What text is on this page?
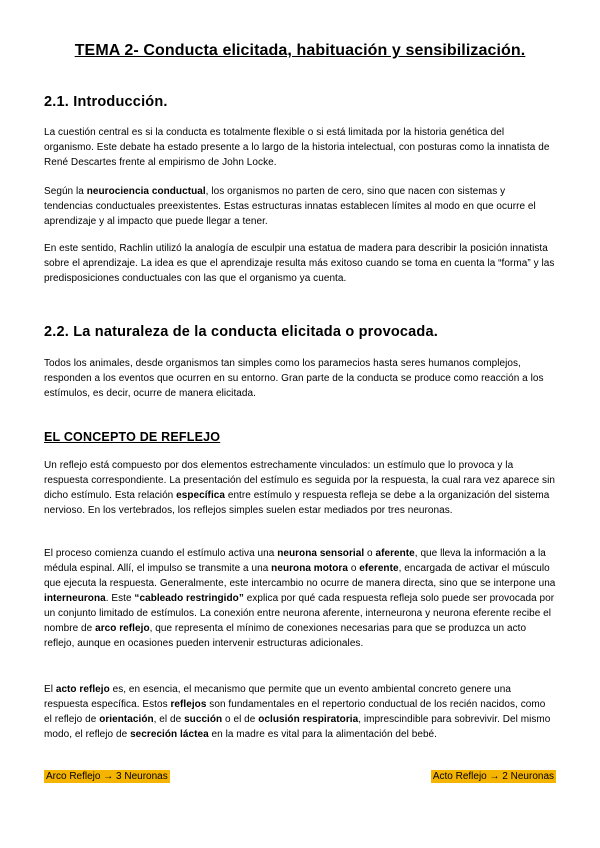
TEMA 2- Conducta elicitada, habituación y sensibilización.
2.1. Introducción.

La cuestión central es si la conducta es totalmente flexible o si está limitada por la historia genética del organismo. Este debate ha estado presente a lo largo de la historia intelectual, con posturas como la innatista de René Descartes frente al empirismo de John Locke.

Según la neurociencia conductual, los organismos no parten de cero, sino que nacen con sistemas y tendencias conductuales preexistentes. Estas estructuras innatas establecen límites al modo en que ocurre el aprendizaje y al impacto que puede llegar a tener.

En este sentido, Rachlin utilizó la analogía de esculpir una estatua de madera para describir la posición innatista sobre el aprendizaje. La idea es que el aprendizaje resulta más exitoso cuando se toma en cuenta la “forma” y las predisposiciones conductuales con las que el organismo ya cuenta.

2.2. La naturaleza de la conducta elicitada o provocada.

Todos los animales, desde organismos tan simples como los paramecios hasta seres humanos complejos, responden a los eventos que ocurren en su entorno. Gran parte de la conducta se produce como reacción a los estímulos, es decir, ocurre de manera elicitada.

EL CONCEPTO DE REFLEJO

Un reflejo está compuesto por dos elementos estrechamente vinculados: un estímulo que lo provoca y la respuesta correspondiente. La presentación del estímulo es seguida por la respuesta, la cual rara vez aparece sin dicho estímulo. Esta relación específica entre estímulo y respuesta refleja se debe a la organización del sistema nervioso. En los vertebrados, los reflejos simples suelen estar mediados por tres neuronas.

El proceso comienza cuando el estímulo activa una neurona sensorial o aferente, que lleva la información a la médula espinal. Allí, el impulso se transmite a una neurona motora o eferente, encargada de activar el músculo que ejecuta la respuesta. Generalmente, este intercambio no ocurre de manera directa, sino que se interpone una interneurona. Este “cableado restringido” explica por qué cada respuesta refleja solo puede ser provocada por un conjunto limitado de estímulos. La conexión entre neurona aferente, interneurona y neurona eferente recibe el nombre de arco reflejo, que representa el mínimo de conexiones necesarias para que se produzca un acto reflejo, aunque en ocasiones pueden intervenir estructuras adicionales.

El acto reflejo es, en esencia, el mecanismo que permite que un evento ambiental concreto genere una respuesta específica. Estos reflejos son fundamentales en el repertorio conductual de los recién nacidos, como el reflejo de orientación, el de succión o el de oclusión respiratoria, imprescindible para sobrevivir. Del mismo modo, el reflejo de secreción láctea en la madre es vital para la alimentación del bebé.

Arco Reflejo → 3 Neuronas	Acto Reflejo → 2 Neuronas
